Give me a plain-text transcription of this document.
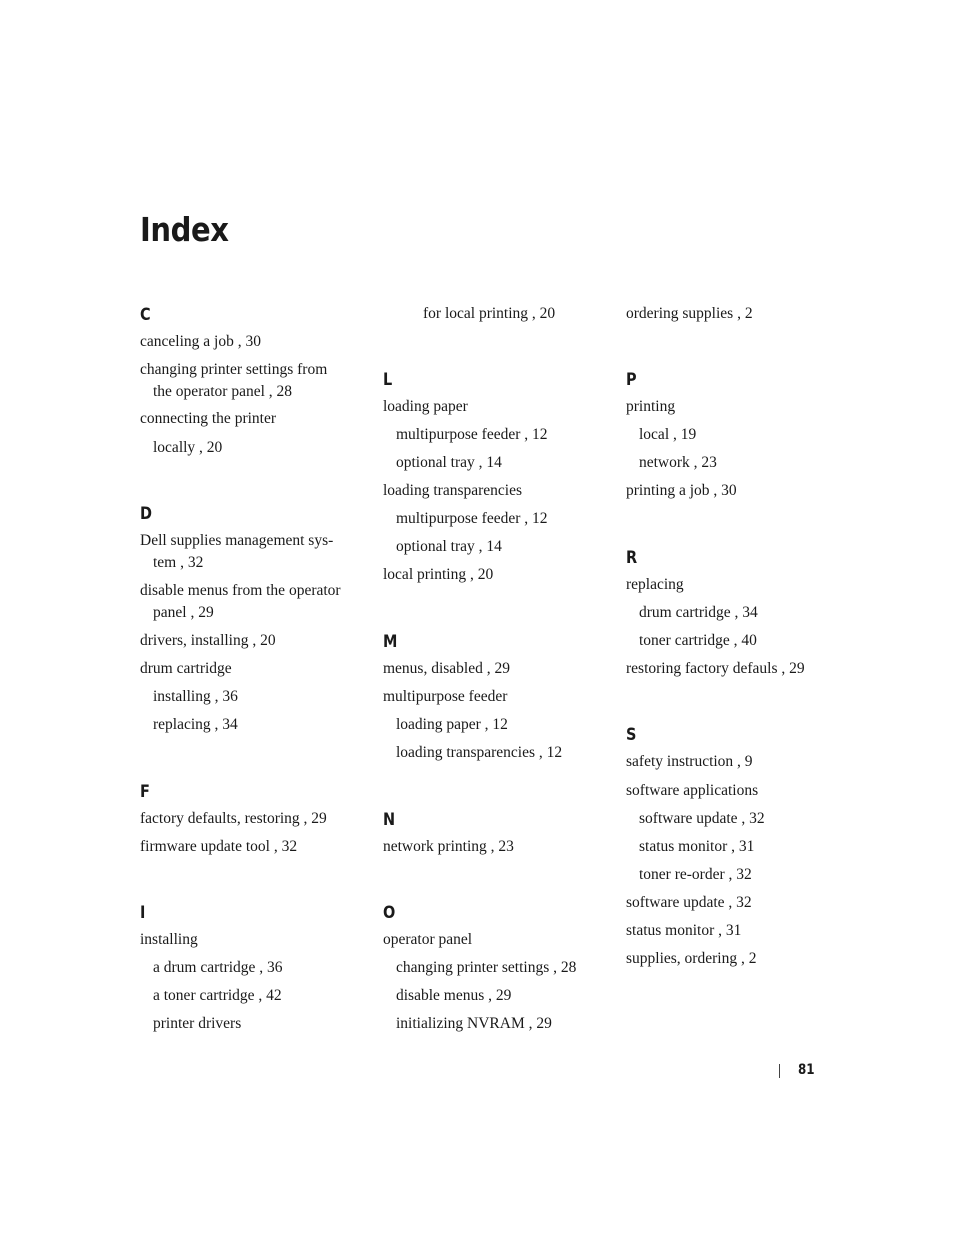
Index
C

canceling a job , 30

changing printer settings from
the operator panel , 28

connecting the printer

locally , 20

D

Dell supplies management sys-
tem , 32

disable menus from the operator
panel , 29

drivers, installing , 20

drum cartridge

installing , 36

replacing , 34

F

factory defaults, restoring , 29

firmware update tool , 32

I

installing

a drum cartridge , 36

a toner cartridge , 42

printer drivers

for local printing , 20

L

loading paper

multipurpose feeder , 12

optional tray , 14

loading transparencies

multipurpose feeder , 12

optional tray , 14

local printing , 20

M

menus, disabled , 29

multipurpose feeder

loading paper , 12

loading transparencies , 12

N

network printing , 23

O

operator panel

changing printer settings , 28

disable menus , 29

initializing NVRAM , 29

ordering supplies , 2

P

printing

local , 19

network , 23

printing a job , 30

R

replacing

drum cartridge , 34

toner cartridge , 40

restoring factory defauls , 29

S

safety instruction , 9

software applications

software update , 32

status monitor , 31

toner re-order , 32

software update , 32

status monitor , 31

supplies, ordering , 2

81
